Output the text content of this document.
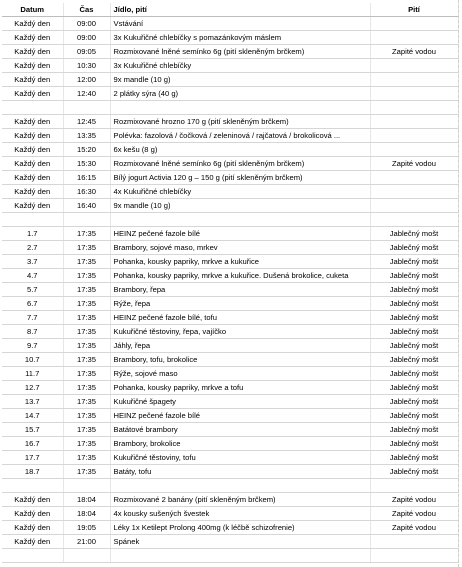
Datum	Čas	Jídlo, pití	Pití
Každý den	09:00	Vstávání	
Každý den	09:00	3x Kukuřičné chlebíčky s pomazánkovým máslem	
Každý den	09:05	Rozmixované lněné semínko 6g (pití skleněným brčkem)	Zapité vodou
Každý den	10:30	3x Kukuřičné chlebíčky	
Každý den	12:00	9x mandle (10 g)	
Každý den	12:40	2 plátky sýra (40 g)	

Každý den	12:45	Rozmixované hrozno 170 g (pití skleněným brčkem)	
Každý den	13:35	Polévka: fazolová / čočková / zeleninová / rajčatová / brokolicová ...	
Každý den	15:20	6x kešu (8 g)	
Každý den	15:30	Rozmixované lněné semínko 6g (pití skleněným brčkem)	Zapité vodou
Každý den	16:15	Bílý jogurt Activia 120 g – 150 g (pití skleněným brčkem)	
Každý den	16:30	4x Kukuřičné chlebíčky	
Každý den	16:40	9x mandle (10 g)	

1.7	17:35	HEINZ pečené fazole bílé	Jablečný mošt
2.7	17:35	Brambory, sojové maso, mrkev	Jablečný mošt
3.7	17:35	Pohanka, kousky papriky, mrkve a kukuřice	Jablečný mošt
4.7	17:35	Pohanka, kousky papriky, mrkve a kukuřice. Dušená brokolice, cuketa	Jablečný mošt
5.7	17:35	Brambory, řepa	Jablečný mošt
6.7	17:35	Rýže, řepa	Jablečný mošt
7.7	17:35	HEINZ pečené fazole bílé, tofu	Jablečný mošt
8.7	17:35	Kukuřičné těstoviny, řepa, vajíčko	Jablečný mošt
9.7	17:35	Jáhly, řepa	Jablečný mošt
10.7	17:35	Brambory, tofu, brokolice	Jablečný mošt
11.7	17:35	Rýže, sojové maso	Jablečný mošt
12.7	17:35	Pohanka, kousky papriky, mrkve a tofu	Jablečný mošt
13.7	17:35	Kukuřičné špagety	Jablečný mošt
14.7	17:35	HEINZ pečené fazole bílé	Jablečný mošt
15.7	17:35	Batátové brambory	Jablečný mošt
16.7	17:35	Brambory, brokolice	Jablečný mošt
17.7	17:35	Kukuřičné těstoviny, tofu	Jablečný mošt
18.7	17:35	Batáty, tofu	Jablečný mošt

Každý den	18:04	Rozmixované 2 banány (pití skleněným brčkem)	Zapité vodou
Každý den	18:04	4x kousky sušených švestek	Zapité vodou
Každý den	19:05	Léky 1x Ketilept Prolong 400mg (k léčbě schizofrenie)	Zapité vodou
Každý den	21:00	Spánek	
